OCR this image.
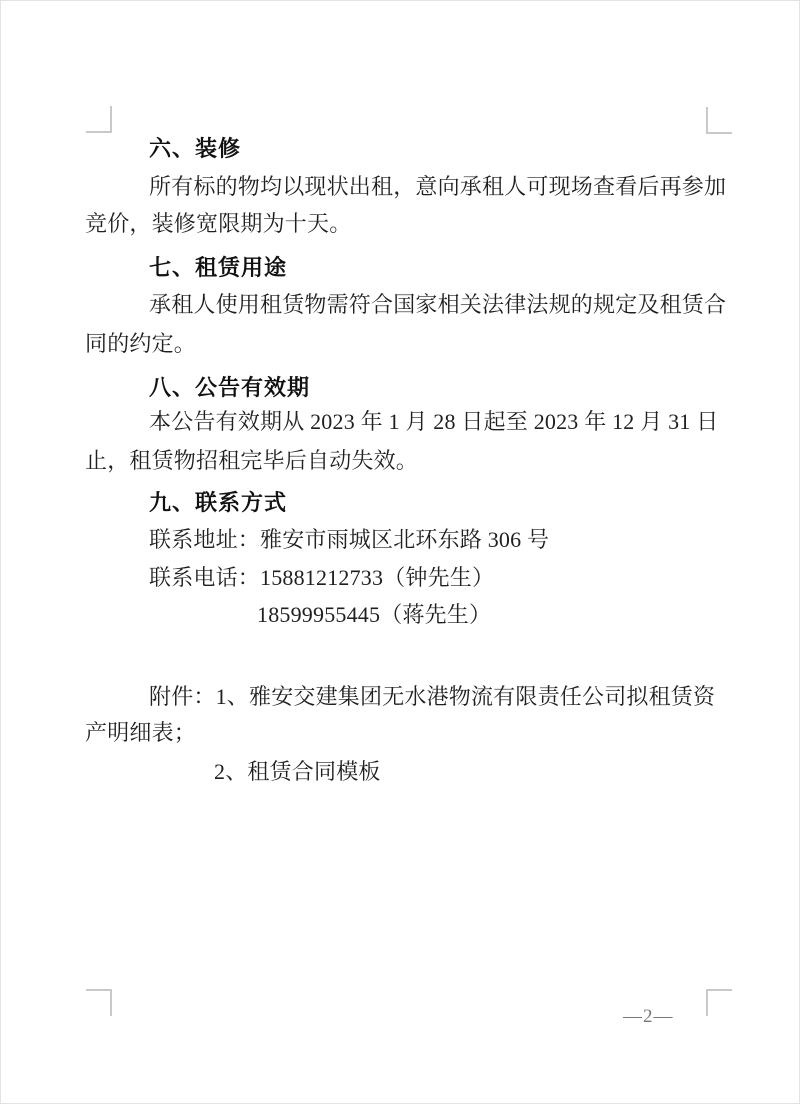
六、装修
所有标的物均以现状出租，意向承租人可现场查看后再参加
竞价，装修宽限期为十天。
七、租赁用途
承租人使用租赁物需符合国家相关法律法规的规定及租赁合
同的约定。
八、公告有效期
本公告有效期从 2023 年 1 月 28 日起至 2023 年 12 月 31 日
止，租赁物招租完毕后自动失效。
九、联系方式
联系地址：雅安市雨城区北环东路 306 号
联系电话：15881212733（钟先生）
18599955445（蒋先生）
附件：1、雅安交建集团无水港物流有限责任公司拟租赁资
产明细表；
2、租赁合同模板
—2—
